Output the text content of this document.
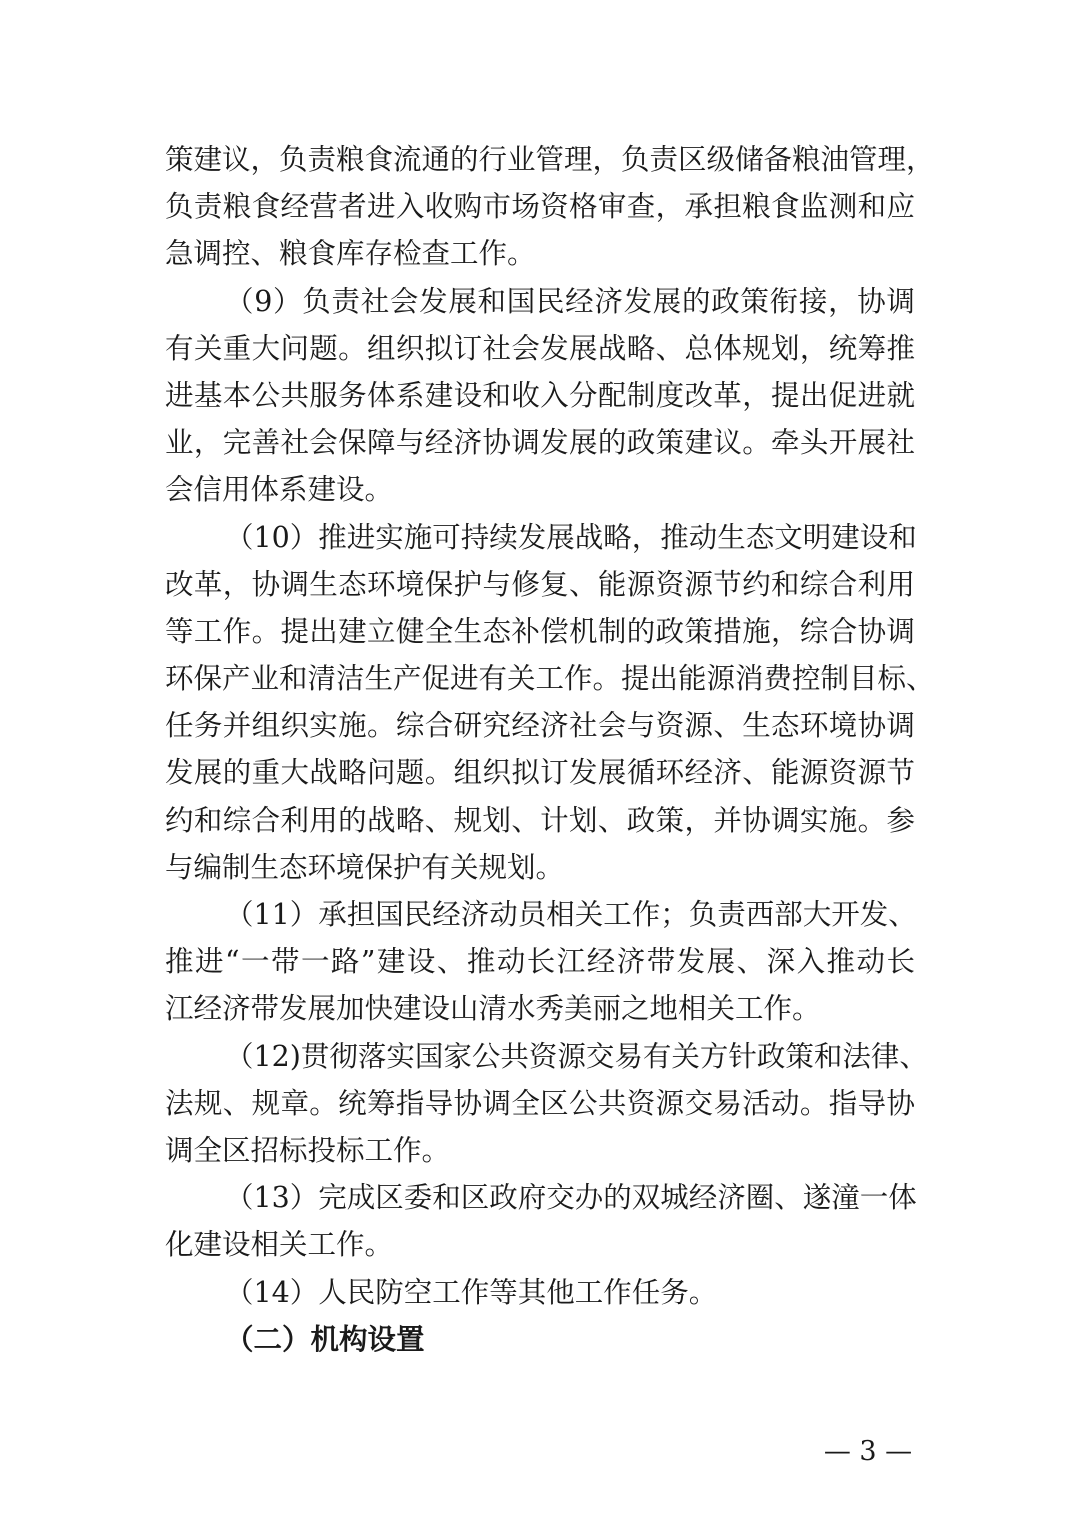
策建议，负责粮食流通的行业管理，负责区级储备粮油管理，
负责粮食经营者进入收购市场资格审查，承担粮食监测和应
急调控、粮食库存检查工作。
（9）负责社会发展和国民经济发展的政策衔接，协调
有关重大问题。组织拟订社会发展战略、总体规划，统筹推
进基本公共服务体系建设和收入分配制度改革，提出促进就
业，完善社会保障与经济协调发展的政策建议。牵头开展社
会信用体系建设。
（10）推进实施可持续发展战略，推动生态文明建设和
改革，协调生态环境保护与修复、能源资源节约和综合利用
等工作。提出建立健全生态补偿机制的政策措施，综合协调
环保产业和清洁生产促进有关工作。提出能源消费控制目标、
任务并组织实施。综合研究经济社会与资源、生态环境协调
发展的重大战略问题。组织拟订发展循环经济、能源资源节
约和综合利用的战略、规划、计划、政策，并协调实施。参
与编制生态环境保护有关规划。
（11）承担国民经济动员相关工作；负责西部大开发、
推进“一带一路”建设、推动长江经济带发展、深入推动长
江经济带发展加快建设山清水秀美丽之地相关工作。
（12)贯彻落实国家公共资源交易有关方针政策和法律、
法规、规章。统筹指导协调全区公共资源交易活动。指导协
调全区招标投标工作。
（13）完成区委和区政府交办的双城经济圈、遂潼一体
化建设相关工作。
（14）人民防空工作等其他工作任务。
（二）机构设置
— 3 —
